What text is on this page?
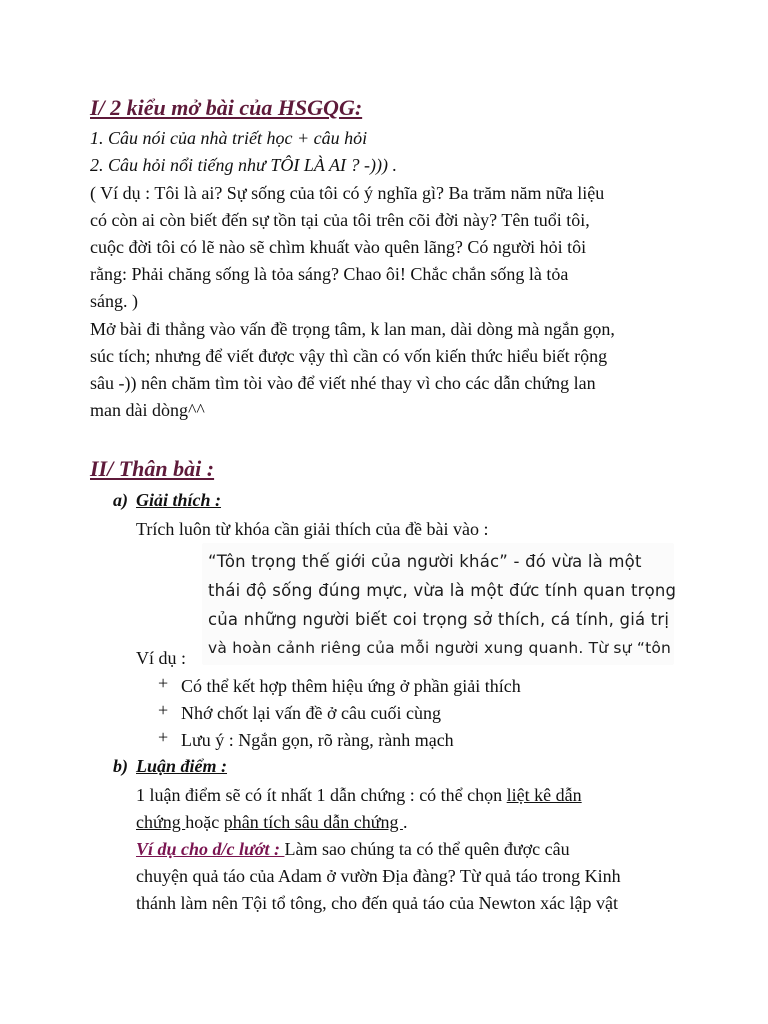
I/ 2 kiểu mở bài của HSGQG:
1. Câu nói của nhà triết học + câu hỏi
2. Câu hỏi nổi tiếng như TÔI LÀ AI ? -))) .
( Ví dụ : Tôi là ai? Sự sống của tôi có ý nghĩa gì? Ba trăm năm nữa liệu
có còn ai còn biết đến sự tồn tại của tôi trên cõi đời này? Tên tuổi tôi,
cuộc đời tôi có lẽ nào sẽ chìm khuất vào quên lãng? Có người hỏi tôi
rằng: Phải chăng sống là tỏa sáng? Chao ôi! Chắc chắn sống là tỏa
sáng. )
Mở bài đi thẳng vào vấn đề trọng tâm, k lan man, dài dòng mà ngắn gọn,
súc tích; nhưng để viết được vậy thì cần có vốn kiến thức hiểu biết rộng
sâu -)) nên chăm tìm tòi vào để viết nhé thay vì cho các dẫn chứng lan
man dài dòng^^
II/ Thân bài :
a) Giải thích :
Trích luôn từ khóa cần giải thích của đề bài vào :
“Tôn trọng thế giới của người khác” - đó vừa là một
thái độ sống đúng mực, vừa là một đức tính quan trọng
của những người biết coi trọng sở thích, cá tính, giá trị
và hoàn cảnh riêng của mỗi người xung quanh. Từ sự “tôn
Ví dụ :
+ Có thể kết hợp thêm hiệu ứng ở phần giải thích
+ Nhớ chốt lại vấn đề ở câu cuối cùng
+ Lưu ý : Ngắn gọn, rõ ràng, rành mạch
b) Luận điểm :
1 luận điểm sẽ có ít nhất 1 dẫn chứng : có thể chọn liệt kê dẫn
chứng hoặc phân tích sâu dẫn chứng .
Ví dụ cho d/c lướt : Làm sao chúng ta có thể quên được câu
chuyện quả táo của Adam ở vườn Địa đàng? Từ quả táo trong Kinh
thánh làm nên Tội tổ tông, cho đến quả táo của Newton xác lập vật
